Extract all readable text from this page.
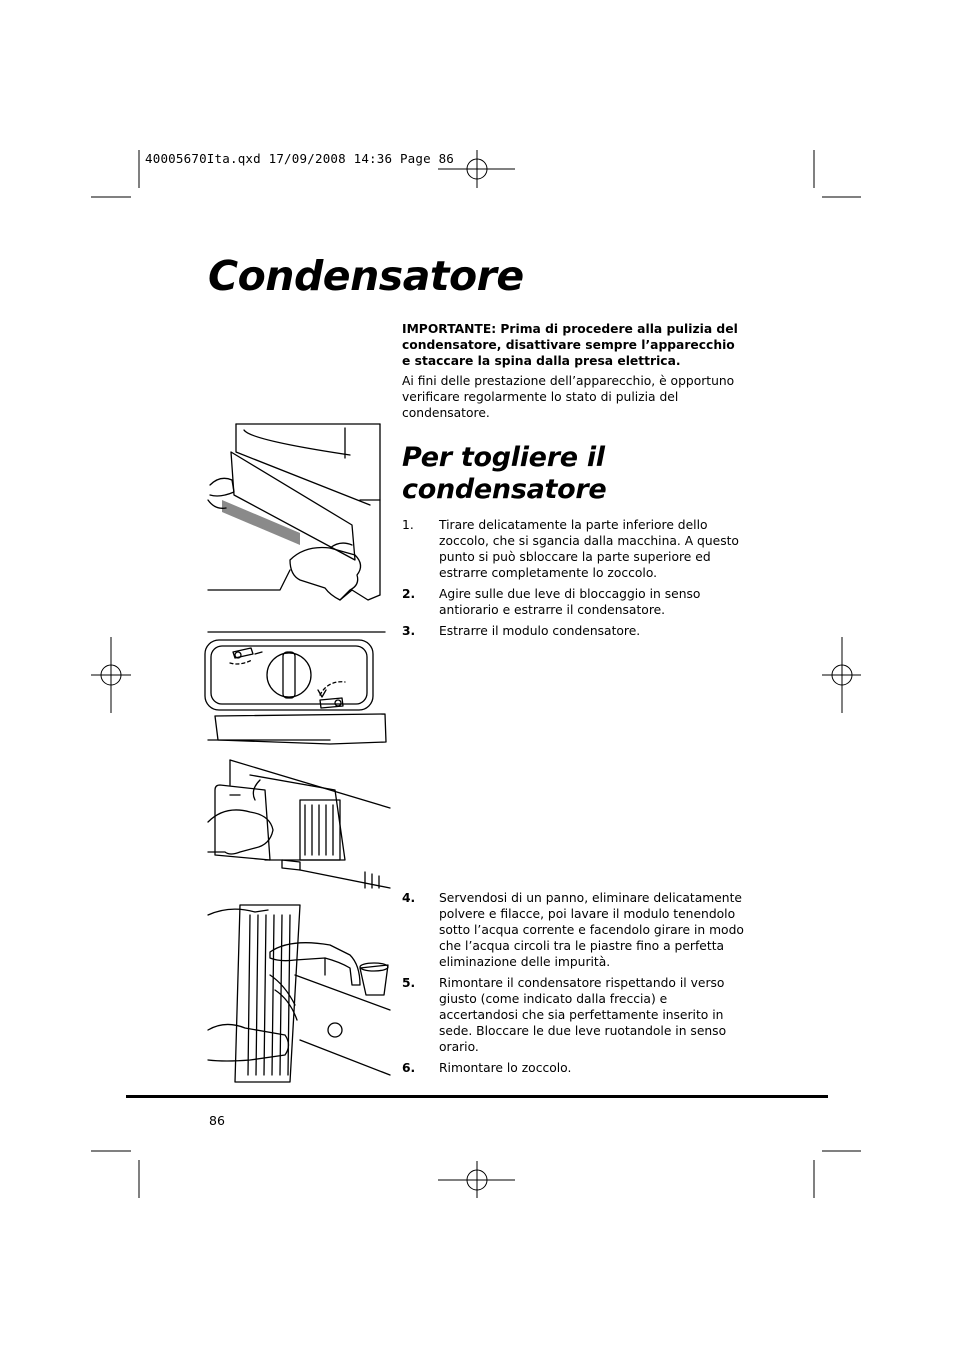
40005670Ita.qxd 17/09/2008 14:36 Page 86
Condensatore
IMPORTANTE: Prima di procedere alla pulizia del condensatore, disattivare sempre l’apparecchio e staccare la spina dalla presa elettrica.
Ai fini delle prestazione dell’apparecchio, è opportuno verificare regolarmente lo stato di pulizia del condensatore.
Per togliere il condensatore
1.	Tirare delicatamente la parte inferiore dello zoccolo, che si sgancia dalla macchina. A questo punto si può sbloccare la parte superiore ed estrarre completamente lo zoccolo.
2.	Agire sulle due leve di bloccaggio in senso antiorario e estrarre il condensatore.
3.	Estrarre il modulo condensatore.
4.	Servendosi di un panno, eliminare delicatamente polvere e filacce, poi lavare il modulo tenendolo sotto l’acqua corrente e facendolo girare in modo che l’acqua circoli tra le piastre fino a perfetta eliminazione delle impurità.
5.	Rimontare il condensatore rispettando il verso giusto (come indicato dalla freccia) e accertandosi che sia perfettamente inserito in sede. Bloccare le due leve ruotandole in senso orario.
6.	Rimontare lo zoccolo.
86
